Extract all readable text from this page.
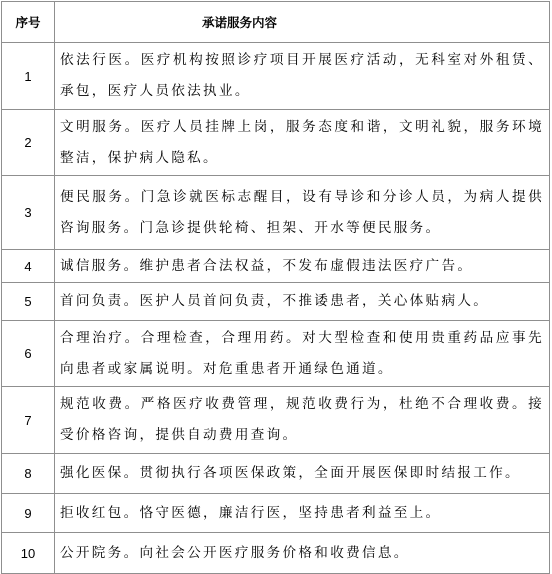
序号	承诺服务内容
1	依法行医。医疗机构按照诊疗项目开展医疗活动，无科室对外租赁、承包，医疗人员依法执业。
2	文明服务。医疗人员挂牌上岗，服务态度和谐，文明礼貌，服务环境整洁，保护病人隐私。
3	便民服务。门急诊就医标志醒目，设有导诊和分诊人员，为病人提供咨询服务。门急诊提供轮椅、担架、开水等便民服务。
4	诚信服务。维护患者合法权益，不发布虚假违法医疗广告。
5	首问负责。医护人员首问负责，不推诿患者，关心体贴病人。
6	合理治疗。合理检查，合理用药。对大型检查和使用贵重药品应事先向患者或家属说明。对危重患者开通绿色通道。
7	规范收费。严格医疗收费管理，规范收费行为，杜绝不合理收费。接受价格咨询，提供自动费用查询。
8	强化医保。贯彻执行各项医保政策，全面开展医保即时结报工作。
9	拒收红包。恪守医德，廉洁行医，坚持患者利益至上。
10	公开院务。向社会公开医疗服务价格和收费信息。
